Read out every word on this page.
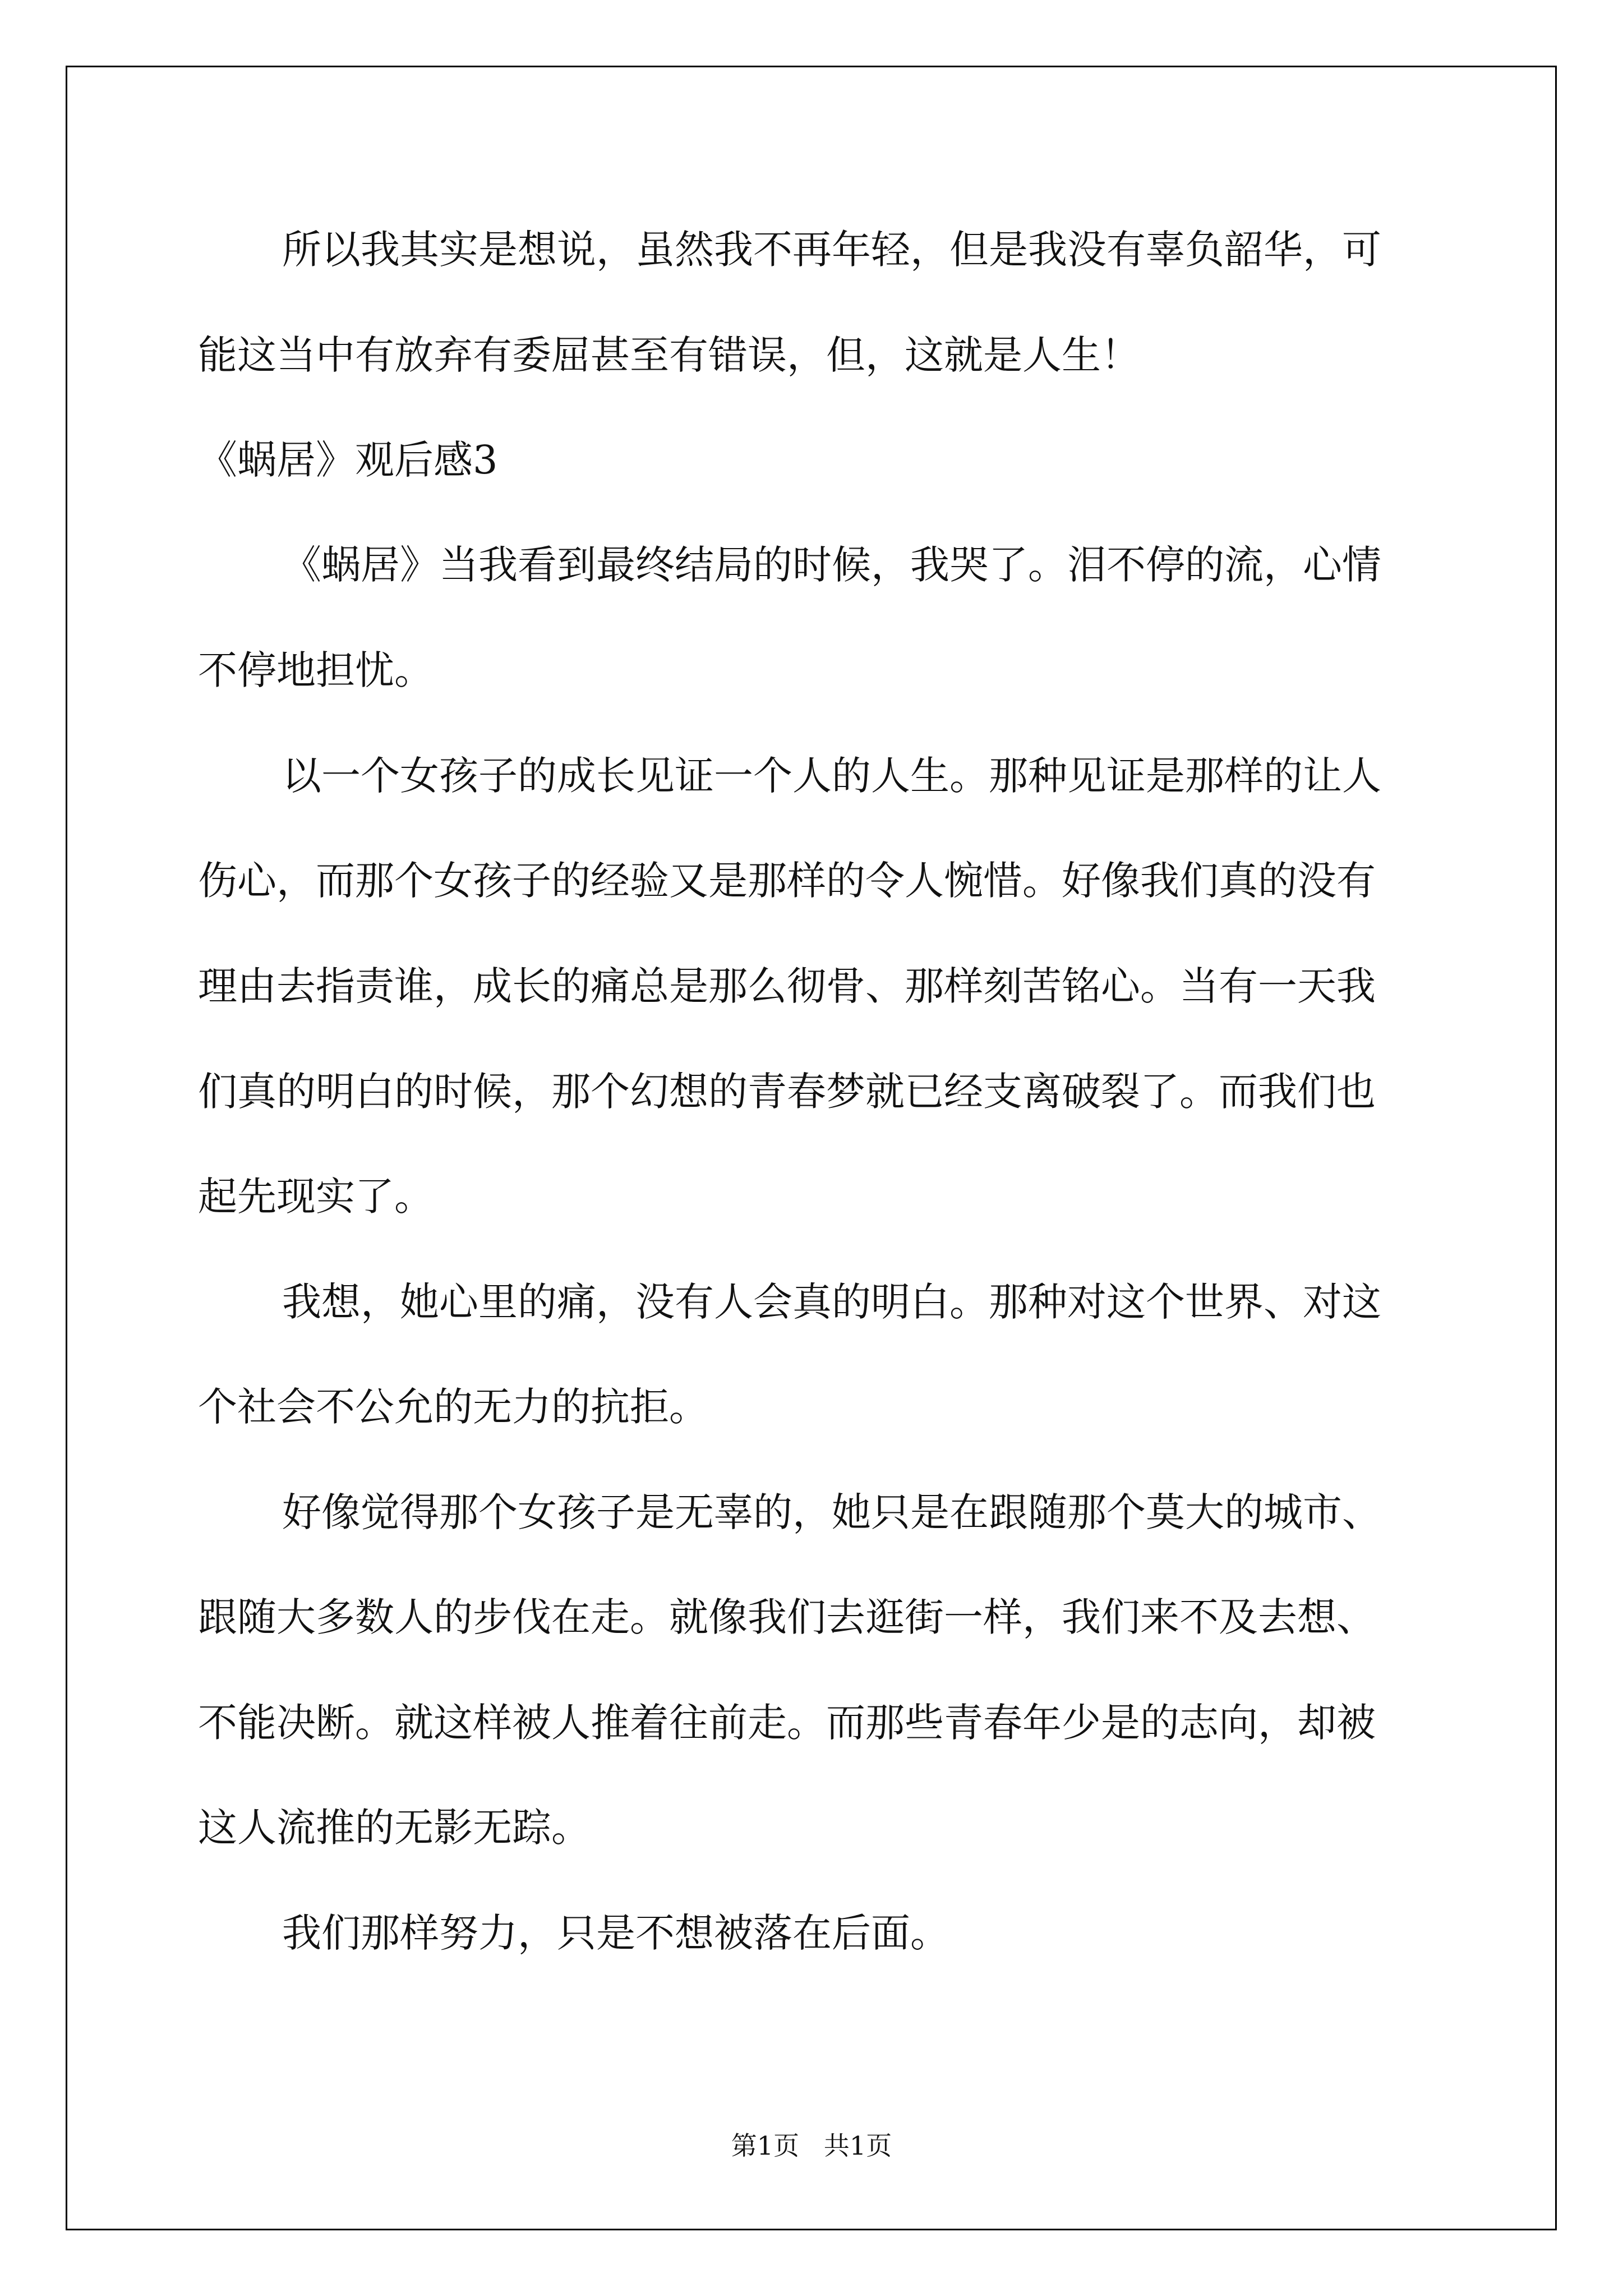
所以我其实是想说，虽然我不再年轻，但是我没有辜负韶华，可
能这当中有放弃有委屈甚至有错误，但，这就是人生！
《蜗居》观后感3
《蜗居》当我看到最终结局的时候，我哭了。泪不停的流，心情
不停地担忧。
以一个女孩子的成长见证一个人的人生。那种见证是那样的让人
伤心，而那个女孩子的经验又是那样的令人惋惜。好像我们真的没有
理由去指责谁，成长的痛总是那么彻骨、那样刻苦铭心。当有一天我
们真的明白的时候，那个幻想的青春梦就已经支离破裂了。而我们也
起先现实了。
我想，她心里的痛，没有人会真的明白。那种对这个世界、对这
个社会不公允的无力的抗拒。
好像觉得那个女孩子是无辜的，她只是在跟随那个莫大的城市、
跟随大多数人的步伐在走。就像我们去逛街一样，我们来不及去想、
不能决断。就这样被人推着往前走。而那些青春年少是的志向，却被
这人流推的无影无踪。
我们那样努力，只是不想被落在后面。
第1页   共1页
